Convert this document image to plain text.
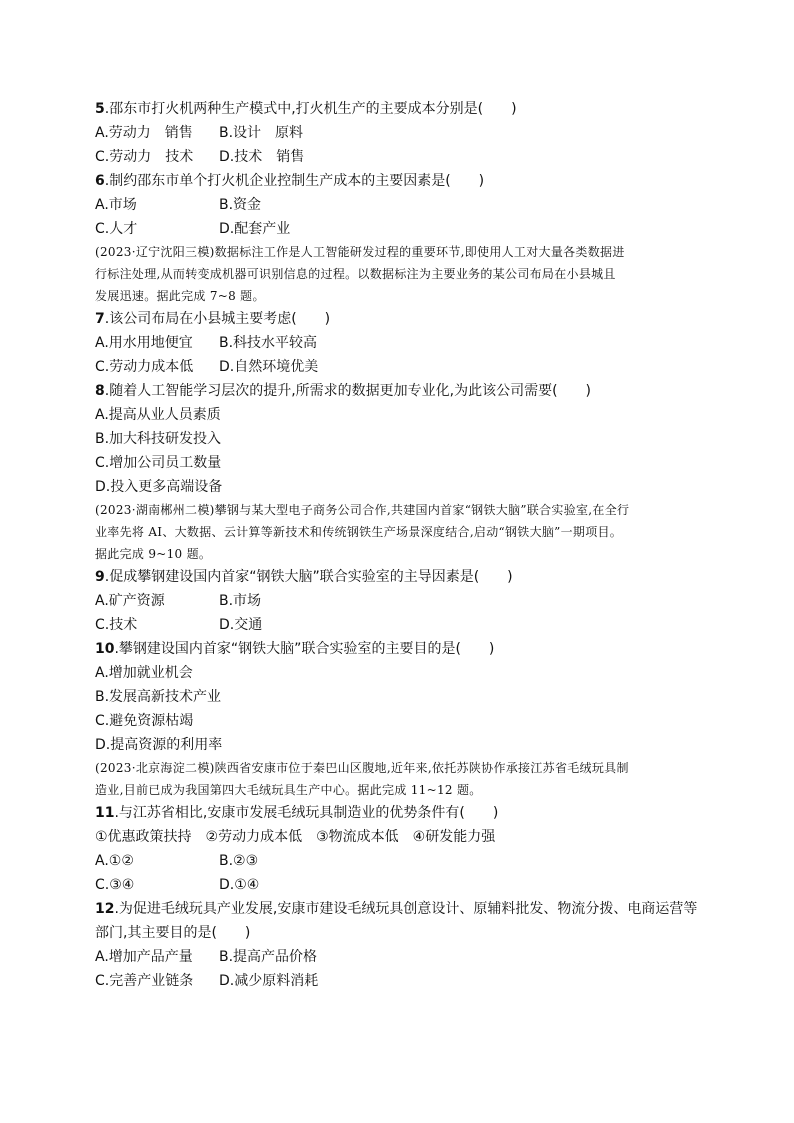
5.邵东市打火机两种生产模式中,打火机生产的主要成本分别是(　　)
A.劳动力　销售	B.设计　原料
C.劳动力　技术	D.技术　销售
6.制约邵东市单个打火机企业控制生产成本的主要因素是(　　)
A.市场	B.资金
C.人才	D.配套产业
(2023·辽宁沈阳三模)数据标注工作是人工智能研发过程的重要环节,即使用人工对大量各类数据进
行标注处理,从而转变成机器可识别信息的过程。以数据标注为主要业务的某公司布局在小县城且
发展迅速。据此完成 7~8 题。
7.该公司布局在小县城主要考虑(　　)
A.用水用地便宜	B.科技水平较高
C.劳动力成本低	D.自然环境优美
8.随着人工智能学习层次的提升,所需求的数据更加专业化,为此该公司需要(　　)
A.提高从业人员素质
B.加大科技研发投入
C.增加公司员工数量
D.投入更多高端设备
(2023·湖南郴州二模)攀钢与某大型电子商务公司合作,共建国内首家“钢铁大脑”联合实验室,在全行
业率先将 AI、大数据、云计算等新技术和传统钢铁生产场景深度结合,启动“钢铁大脑”一期项目。
据此完成 9~10 题。
9.促成攀钢建设国内首家“钢铁大脑”联合实验室的主导因素是(　　)
A.矿产资源	B.市场
C.技术	D.交通
10.攀钢建设国内首家“钢铁大脑”联合实验室的主要目的是(　　)
A.增加就业机会
B.发展高新技术产业
C.避免资源枯竭
D.提高资源的利用率
(2023·北京海淀二模)陕西省安康市位于秦巴山区腹地,近年来,依托苏陕协作承接江苏省毛绒玩具制
造业,目前已成为我国第四大毛绒玩具生产中心。据此完成 11~12 题。
11.与江苏省相比,安康市发展毛绒玩具制造业的优势条件有(　　)
①优惠政策扶持　②劳动力成本低　③物流成本低　④研发能力强
A.①②	B.②③
C.③④	D.①④
12.为促进毛绒玩具产业发展,安康市建设毛绒玩具创意设计、原辅料批发、物流分拨、电商运营等
部门,其主要目的是(　　)
A.增加产品产量	B.提高产品价格
C.完善产业链条	D.减少原料消耗
